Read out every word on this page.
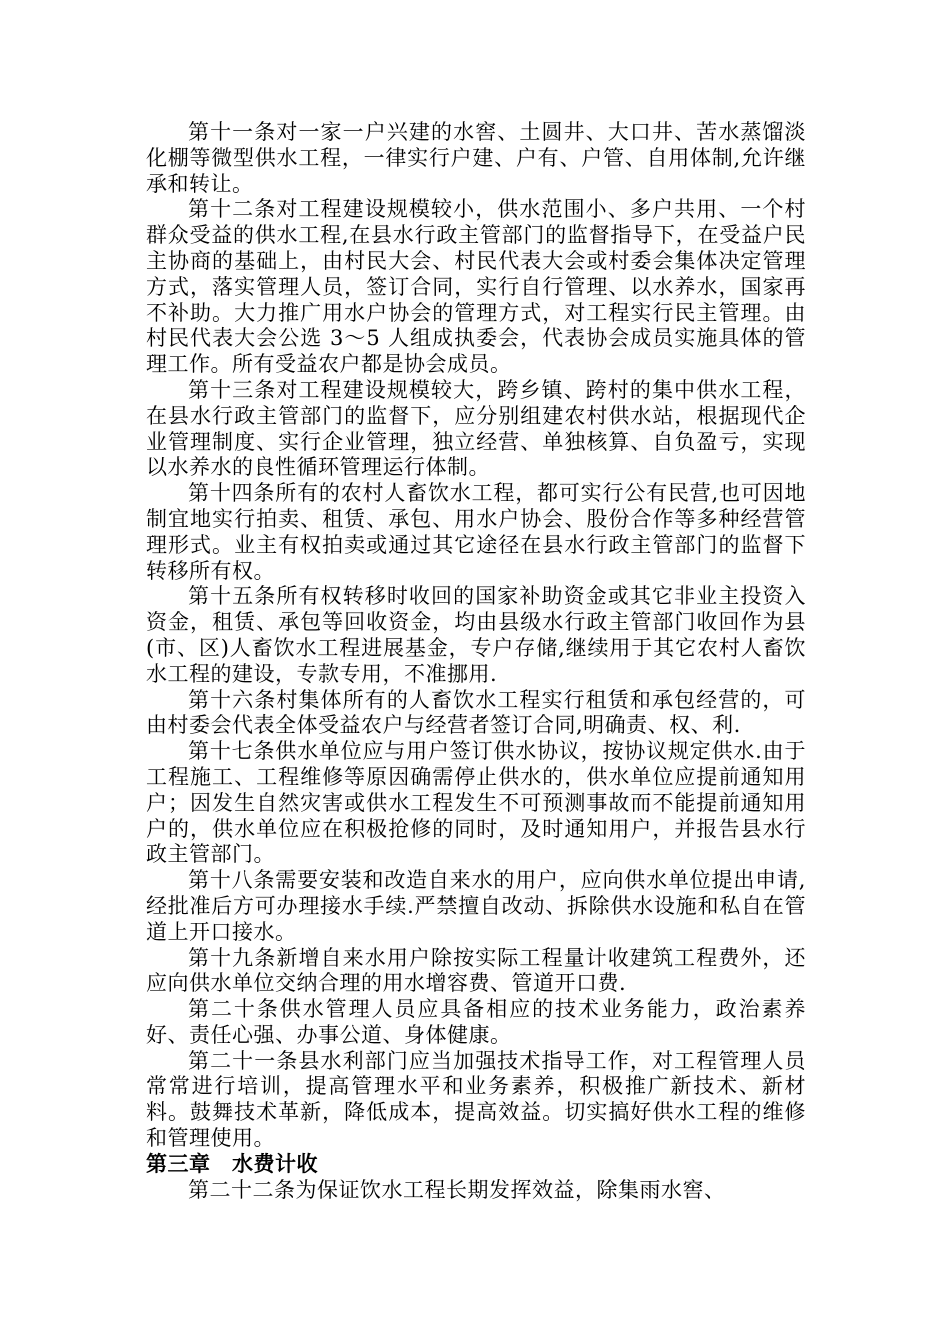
第十一条对一家一户兴建的水窖、土圆井、大口井、苦水蒸馏淡化棚等微型供水工程，一律实行户建、户有、户管、自用体制,允许继承和转让。

第十二条对工程建设规模较小，供水范围小、多户共用、一个村群众受益的供水工程,在县水行政主管部门的监督指导下，在受益户民主协商的基础上，由村民大会、村民代表大会或村委会集体决定管理方式，落实管理人员，签订合同，实行自行管理、以水养水，国家再不补助。大力推广用水户协会的管理方式，对工程实行民主管理。由村民代表大会公选 3～5 人组成执委会，代表协会成员实施具体的管理工作。所有受益农户都是协会成员。

第十三条对工程建设规模较大，跨乡镇、跨村的集中供水工程，在县水行政主管部门的监督下，应分别组建农村供水站，根据现代企业管理制度、实行企业管理，独立经营、单独核算、自负盈亏，实现以水养水的良性循环管理运行体制。

第十四条所有的农村人畜饮水工程，都可实行公有民营,也可因地制宜地实行拍卖、租赁、承包、用水户协会、股份合作等多种经营管理形式。业主有权拍卖或通过其它途径在县水行政主管部门的监督下转移所有权。

第十五条所有权转移时收回的国家补助资金或其它非业主投资入资金，租赁、承包等回收资金，均由县级水行政主管部门收回作为县(市、区)人畜饮水工程进展基金，专户存储,继续用于其它农村人畜饮水工程的建设，专款专用，不准挪用.

第十六条村集体所有的人畜饮水工程实行租赁和承包经营的，可由村委会代表全体受益农户与经营者签订合同,明确责、权、利.

第十七条供水单位应与用户签订供水协议，按协议规定供水.由于工程施工、工程维修等原因确需停止供水的，供水单位应提前通知用户；因发生自然灾害或供水工程发生不可预测事故而不能提前通知用户的，供水单位应在积极抢修的同时，及时通知用户，并报告县水行政主管部门。

第十八条需要安装和改造自来水的用户，应向供水单位提出申请,经批准后方可办理接水手续.严禁擅自改动、拆除供水设施和私自在管道上开口接水。

第十九条新增自来水用户除按实际工程量计收建筑工程费外，还应向供水单位交纳合理的用水增容费、管道开口费.

第二十条供水管理人员应具备相应的技术业务能力，政治素养好、责任心强、办事公道、身体健康。

第二十一条县水利部门应当加强技术指导工作，对工程管理人员常常进行培训，提高管理水平和业务素养，积极推广新技术、新材料。鼓舞技术革新，降低成本，提高效益。切实搞好供水工程的维修和管理使用。

第三章　水费计收

第二十二条为保证饮水工程长期发挥效益，除集雨水窖、
